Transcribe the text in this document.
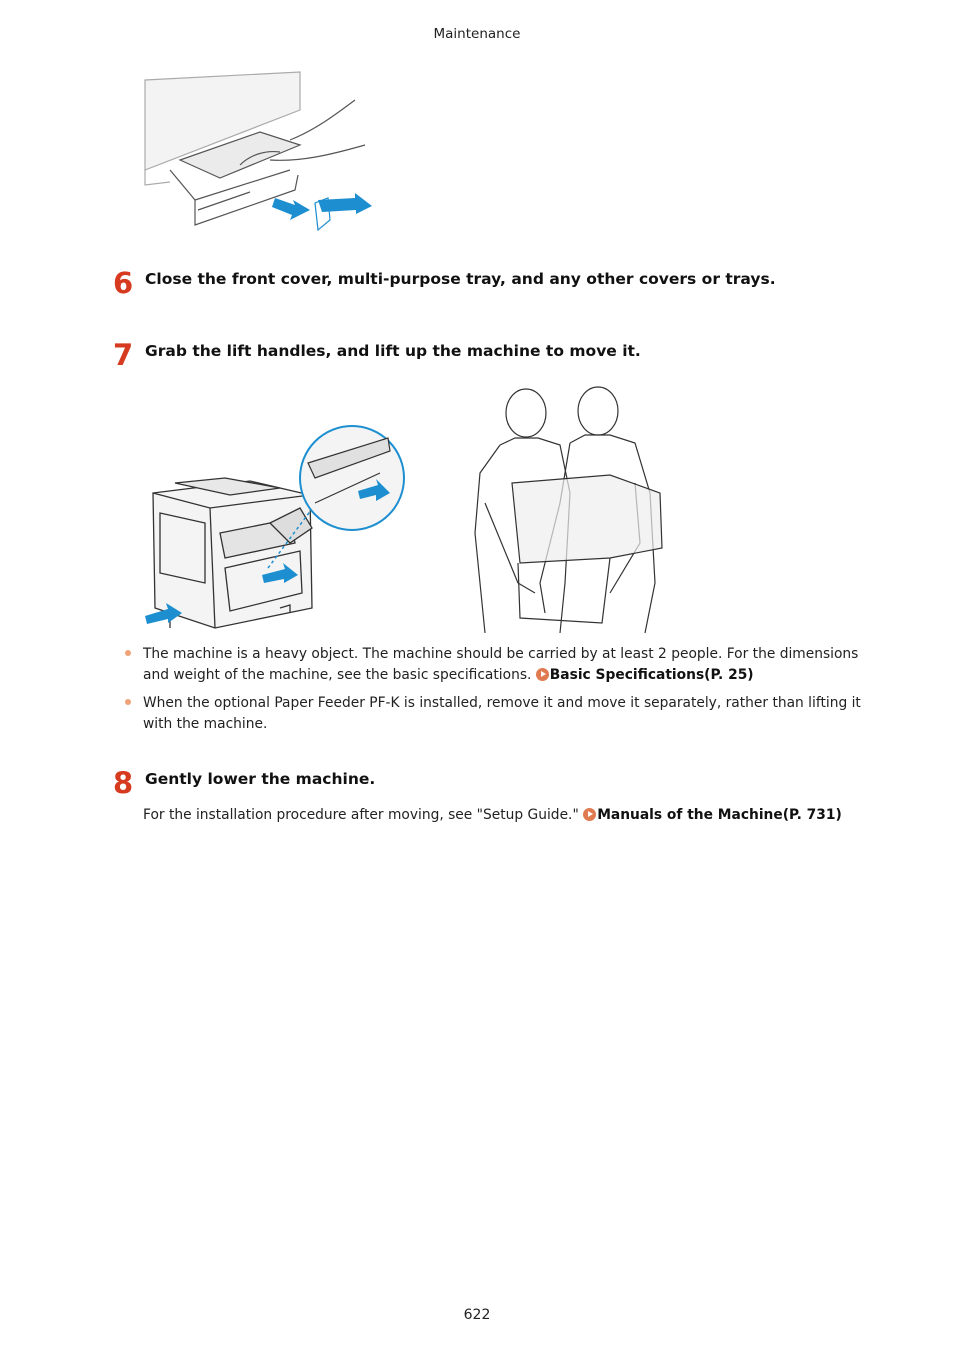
Maintenance
6 Close the front cover, multi-purpose tray, and any other covers or trays.
7 Grab the lift handles, and lift up the machine to move it.
The machine is a heavy object. The machine should be carried by at least 2 people. For the dimensions and weight of the machine, see the basic specifications. Basic Specifications(P. 25)
When the optional Paper Feeder PF-K is installed, remove it and move it separately, rather than lifting it with the machine.
8 Gently lower the machine.
For the installation procedure after moving, see "Setup Guide." Manuals of the Machine(P. 731)
622
